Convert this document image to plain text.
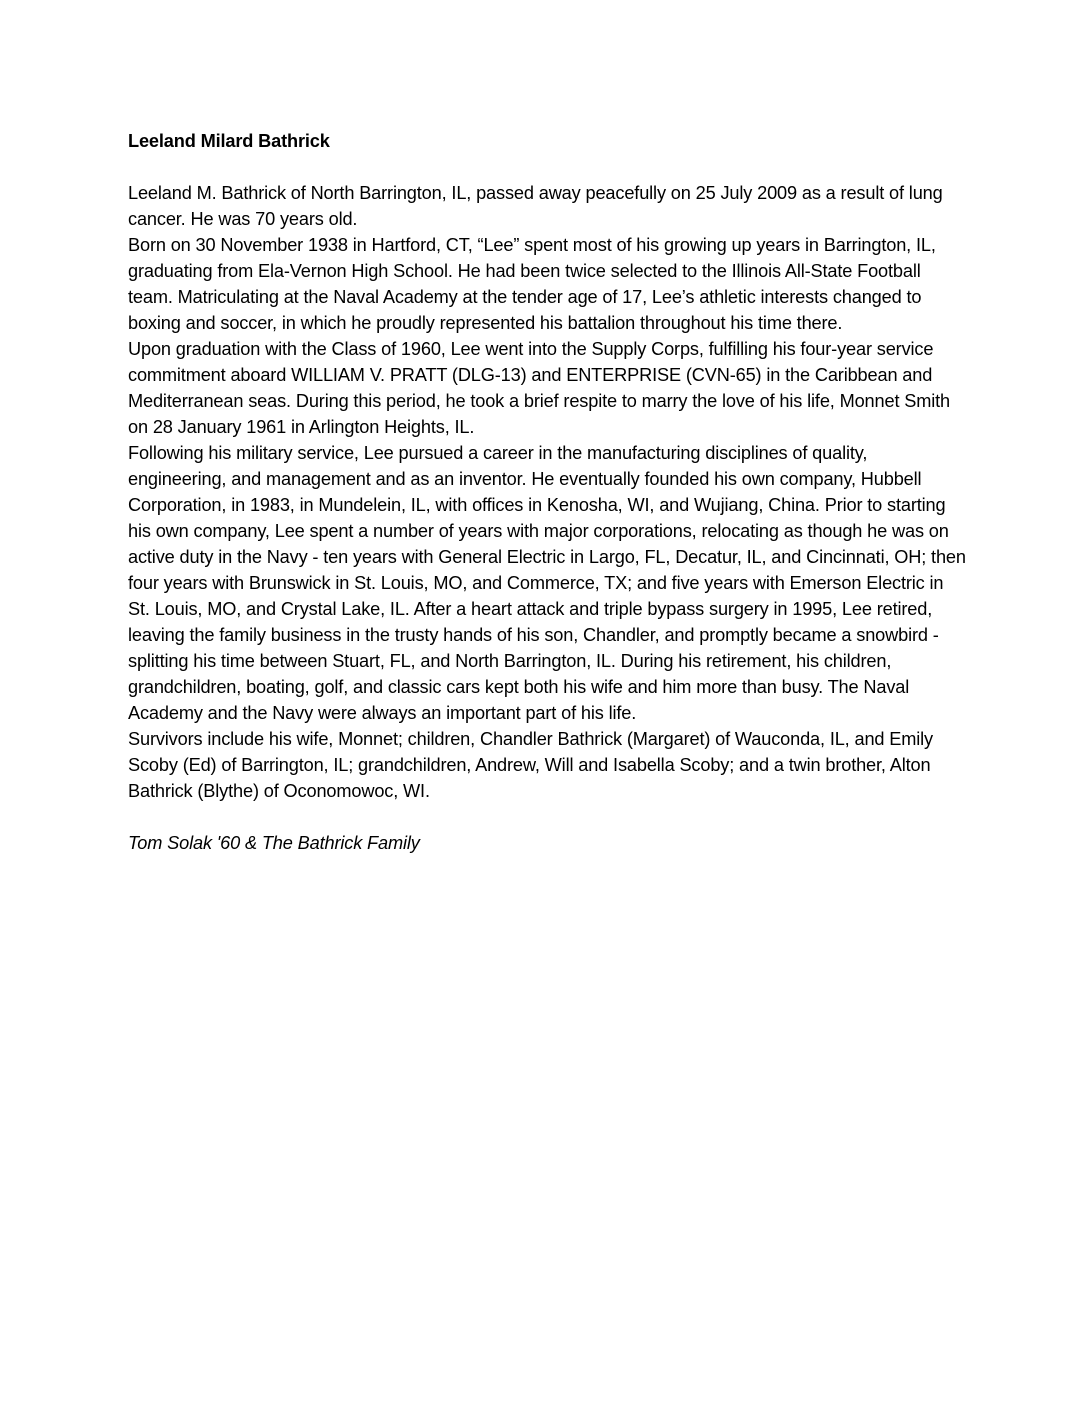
Leeland Milard Bathrick

Leeland M. Bathrick of North Barrington, IL, passed away peacefully on 25 July 2009 as a result of lung cancer. He was 70 years old.

Born on 30 November 1938 in Hartford, CT, “Lee” spent most of his growing up years in Barrington, IL, graduating from Ela-Vernon High School. He had been twice selected to the Illinois All-State Football team. Matriculating at the Naval Academy at the tender age of 17, Lee’s athletic interests changed to boxing and soccer, in which he proudly represented his battalion throughout his time there.

Upon graduation with the Class of 1960, Lee went into the Supply Corps, fulfilling his four-year service commitment aboard WILLIAM V. PRATT (DLG-13) and ENTERPRISE (CVN-65) in the Caribbean and Mediterranean seas. During this period, he took a brief respite to marry the love of his life, Monnet Smith on 28 January 1961 in Arlington Heights, IL.

Following his military service, Lee pursued a career in the manufacturing disciplines of quality, engineering, and management and as an inventor. He eventually founded his own company, Hubbell Corporation, in 1983, in Mundelein, IL, with offices in Kenosha, WI, and Wujiang, China. Prior to starting his own company, Lee spent a number of years with major corporations, relocating as though he was on active duty in the Navy - ten years with General Electric in Largo, FL, Decatur, IL, and Cincinnati, OH; then four years with Brunswick in St. Louis, MO, and Commerce, TX; and five years with Emerson Electric in St. Louis, MO, and Crystal Lake, IL. After a heart attack and triple bypass surgery in 1995, Lee retired, leaving the family business in the trusty hands of his son, Chandler, and promptly became a snowbird - splitting his time between Stuart, FL, and North Barrington, IL. During his retirement, his children, grandchildren, boating, golf, and classic cars kept both his wife and him more than busy. The Naval Academy and the Navy were always an important part of his life.

Survivors include his wife, Monnet; children, Chandler Bathrick (Margaret) of Wauconda, IL, and Emily Scoby (Ed) of Barrington, IL; grandchildren, Andrew, Will and Isabella Scoby; and a twin brother, Alton Bathrick (Blythe) of Oconomowoc, WI.

Tom Solak '60 & The Bathrick Family
